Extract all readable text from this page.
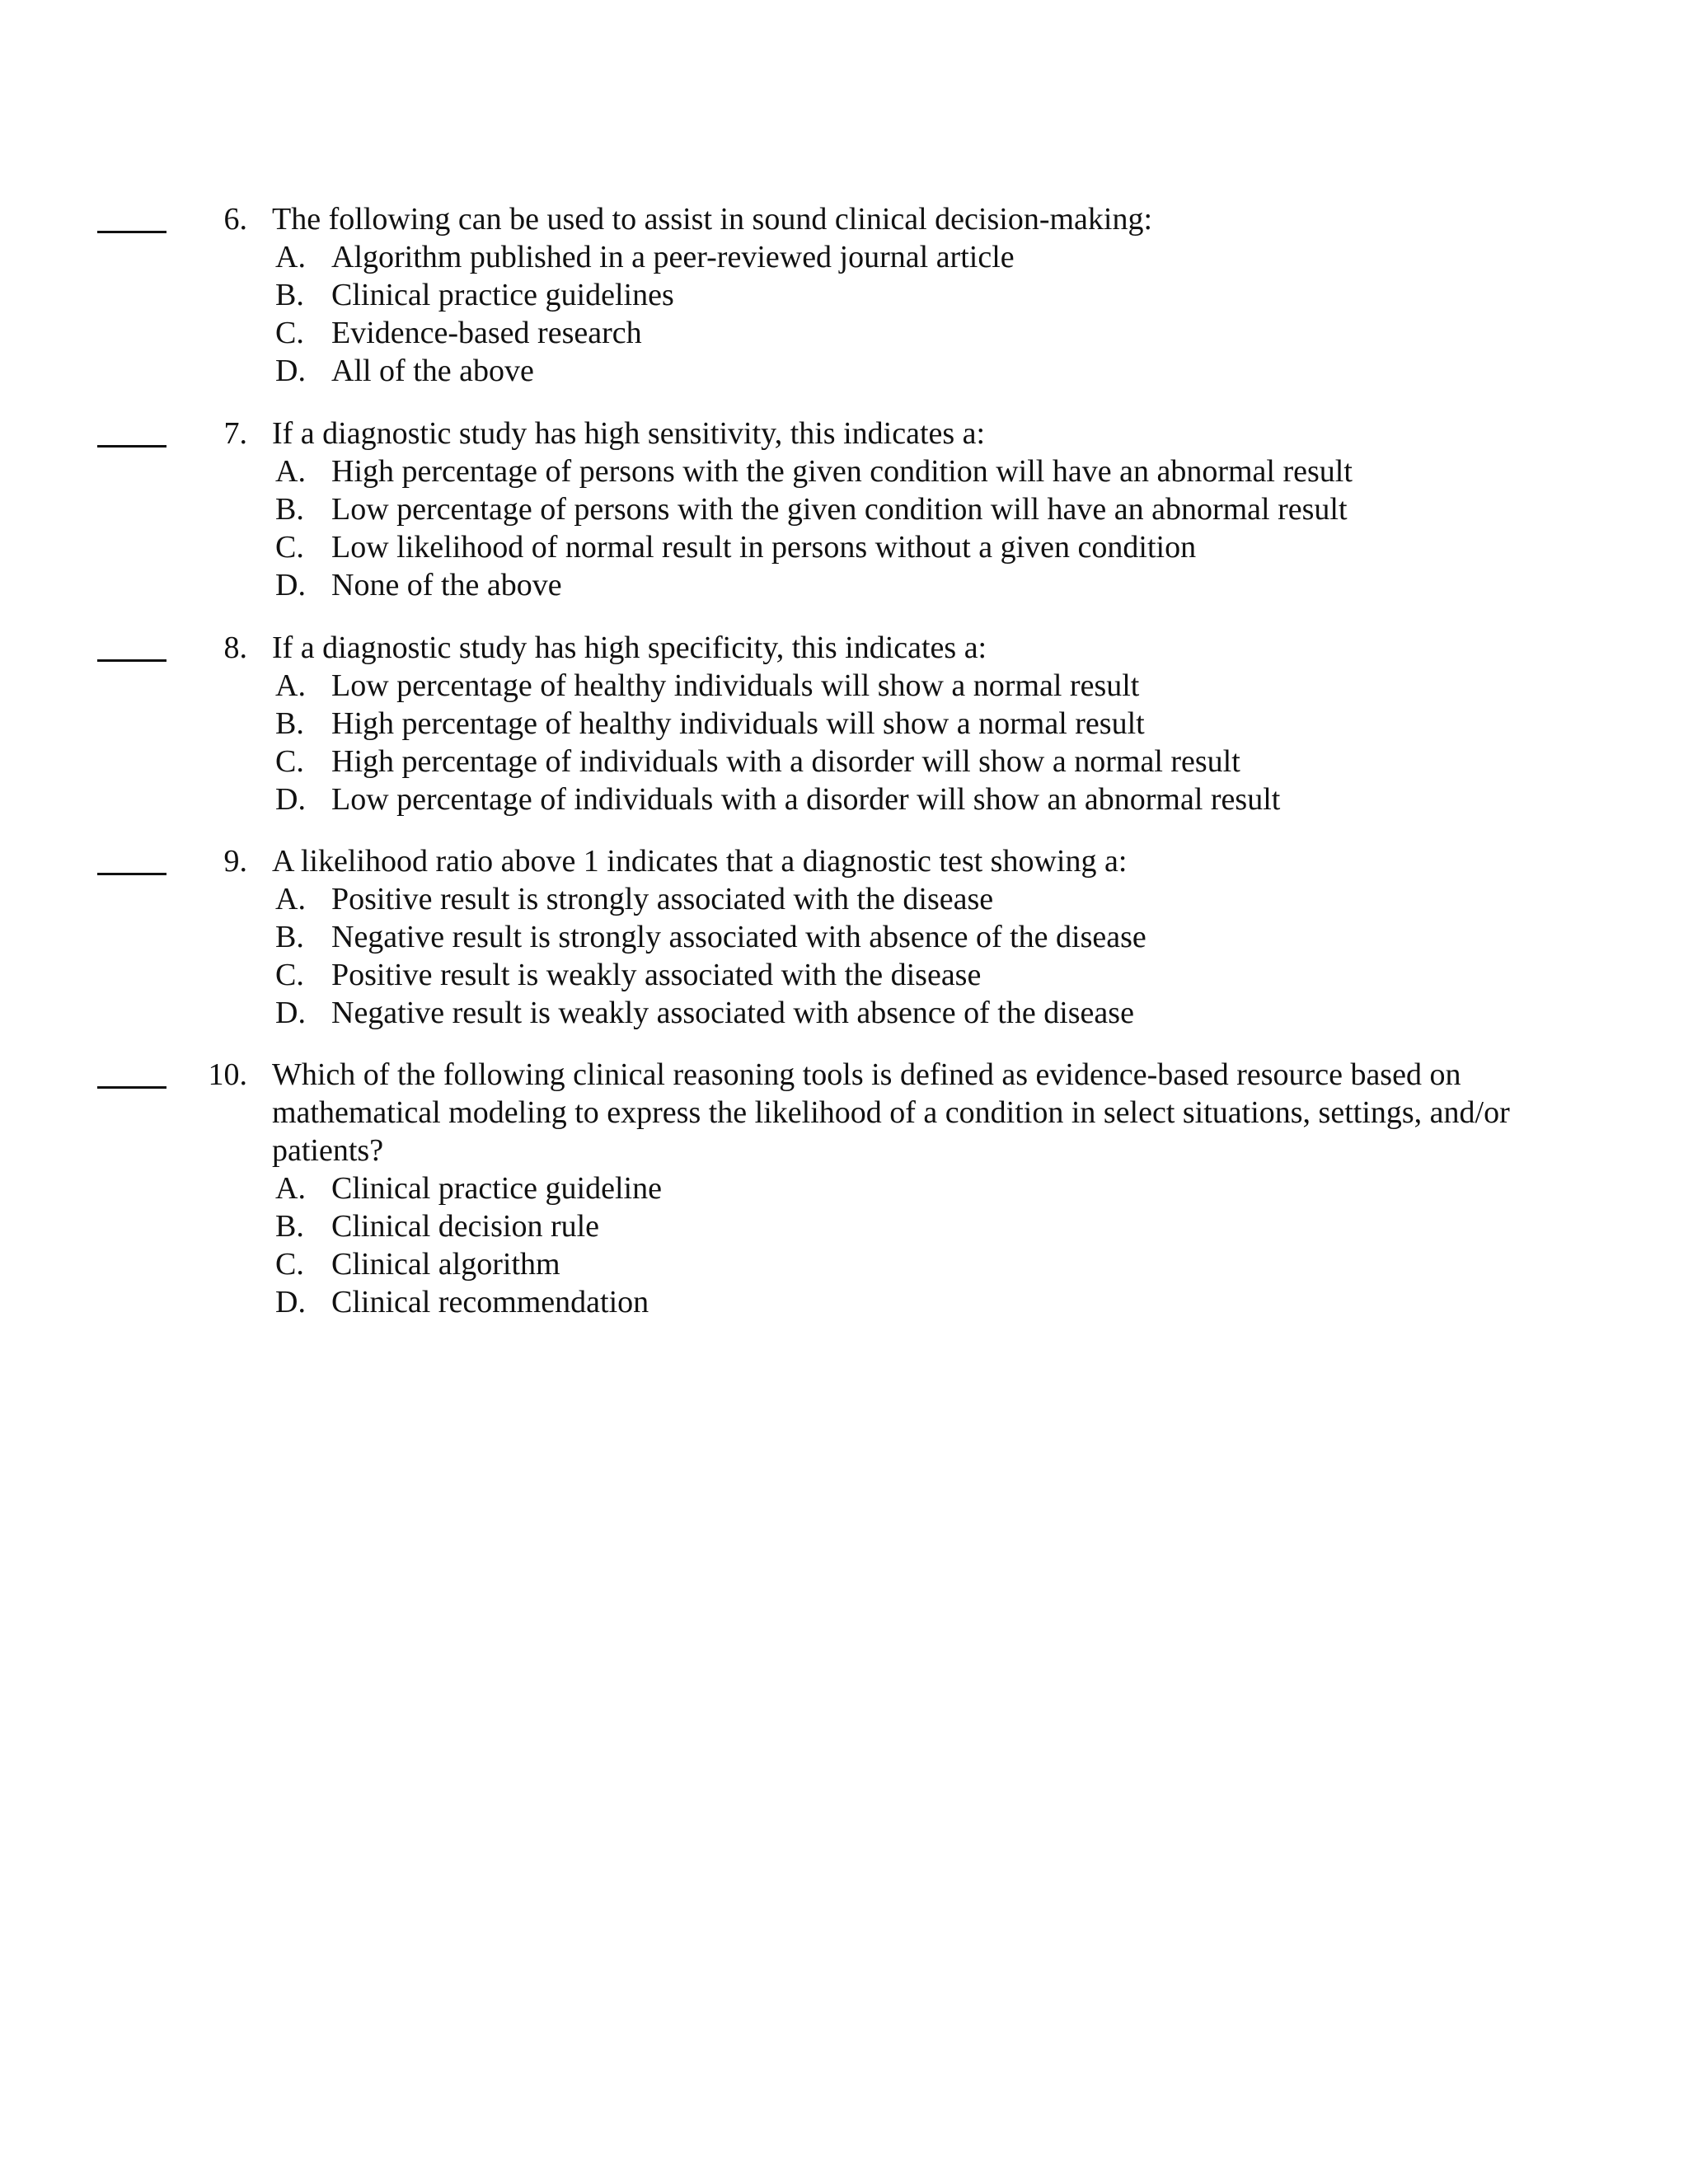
6. The following can be used to assist in sound clinical decision-making:
A. Algorithm published in a peer-reviewed journal article
B. Clinical practice guidelines
C. Evidence-based research
D. All of the above
7. If a diagnostic study has high sensitivity, this indicates a:
A. High percentage of persons with the given condition will have an abnormal result
B. Low percentage of persons with the given condition will have an abnormal result
C. Low likelihood of normal result in persons without a given condition
D. None of the above
8. If a diagnostic study has high specificity, this indicates a:
A. Low percentage of healthy individuals will show a normal result
B. High percentage of healthy individuals will show a normal result
C. High percentage of individuals with a disorder will show a normal result
D. Low percentage of individuals with a disorder will show an abnormal result
9. A likelihood ratio above 1 indicates that a diagnostic test showing a:
A. Positive result is strongly associated with the disease
B. Negative result is strongly associated with absence of the disease
C. Positive result is weakly associated with the disease
D. Negative result is weakly associated with absence of the disease
10. Which of the following clinical reasoning tools is defined as evidence-based resource based on mathematical modeling to express the likelihood of a condition in select situations, settings, and/or patients?
A. Clinical practice guideline
B. Clinical decision rule
C. Clinical algorithm
D. Clinical recommendation
